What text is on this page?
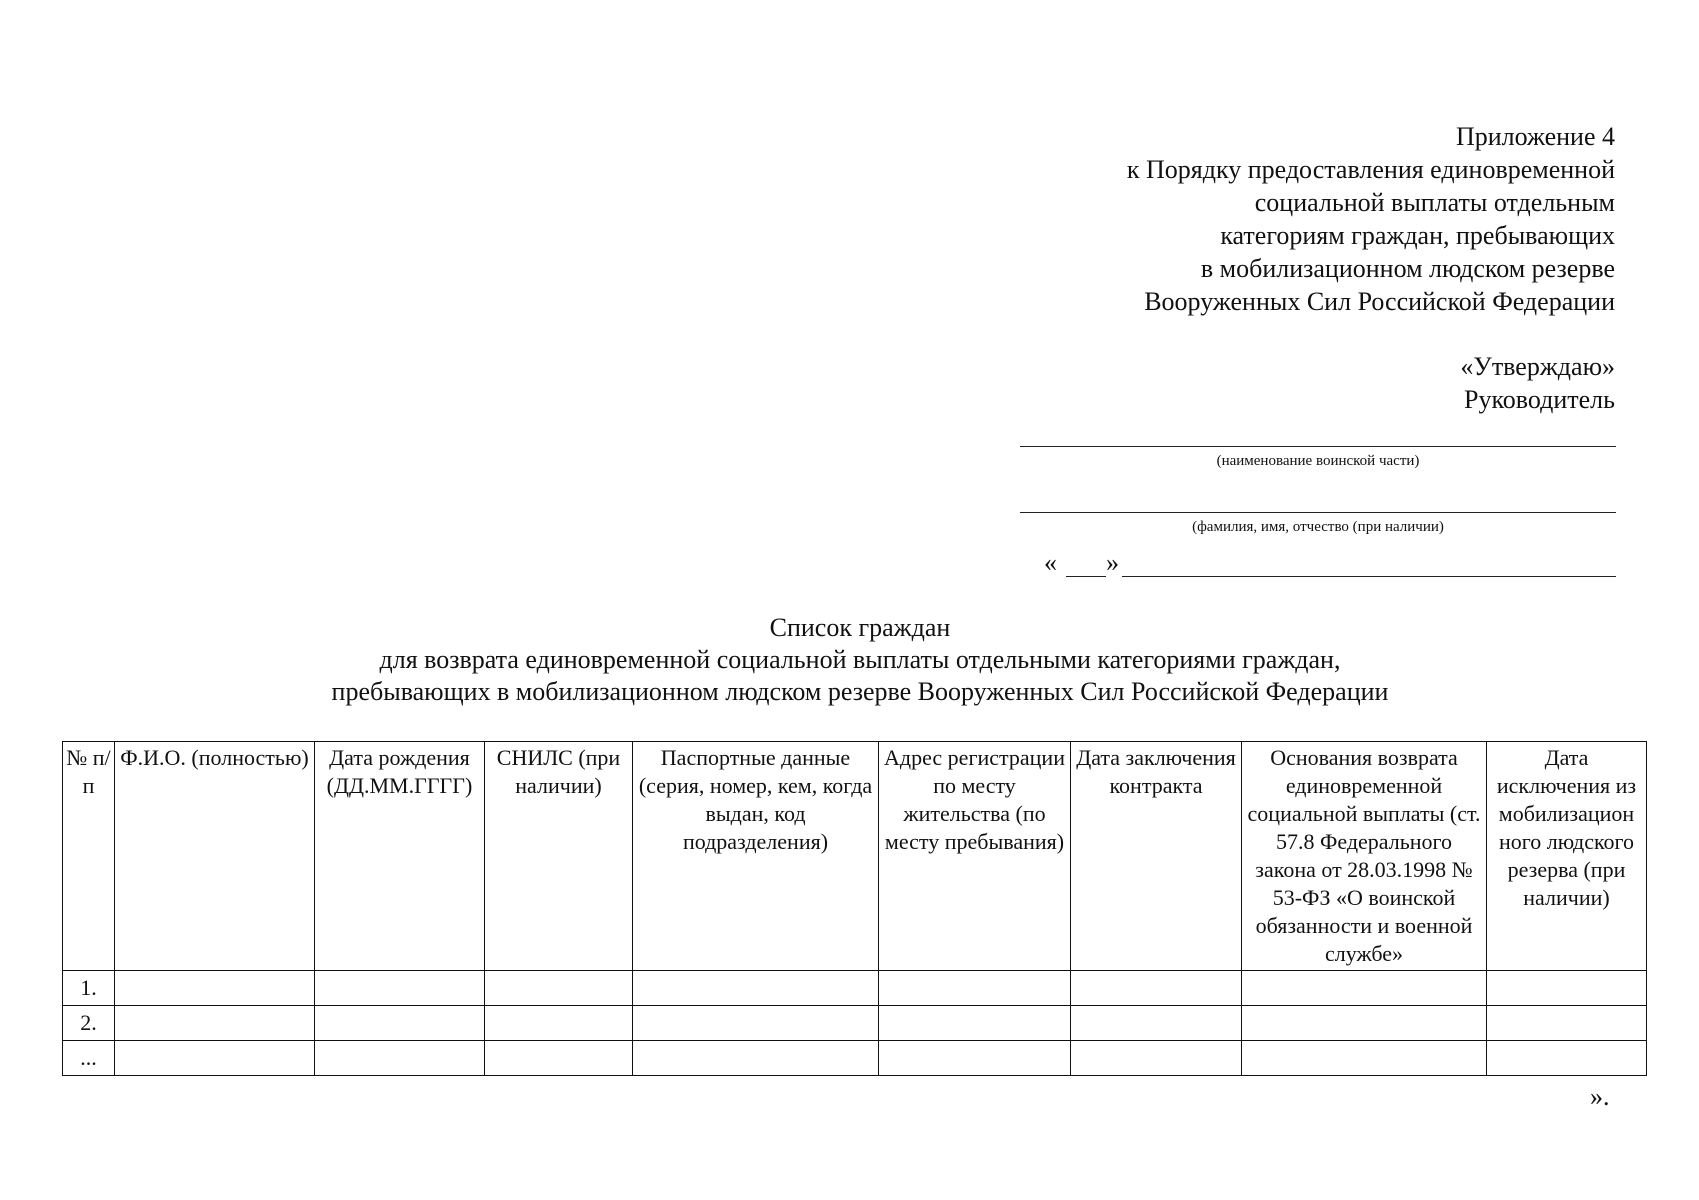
Приложение 4
к Порядку предоставления единовременной
социальной выплаты отдельным
категориям граждан, пребывающих
в мобилизационном людском резерве
Вооруженных Сил Российской Федерации
«Утверждаю»
Руководитель
(наименование воинской части)
(фамилия, имя, отчество (при наличии)
« »
Список граждан
для возврата единовременной социальной выплаты отдельными категориями граждан,
пребывающих в мобилизационном людском резерве Вооруженных Сил Российской Федерации
№ п/п	Ф.И.О. (полностью)	Дата рождения (ДД.ММ.ГГГГ)	СНИЛС (при наличии)	Паспортные данные (серия, номер, кем, когда выдан, код подразделения)	Адрес регистрации по месту жительства (по месту пребывания)	Дата заключения контракта	Основания возврата единовременной социальной выплаты (ст. 57.8 Федерального закона от 28.03.1998 № 53-ФЗ «О воинской обязанности и военной службе»	Дата исключения из мобилизацион ного людского резерва (при наличии)
1.								
2.								
...								
».
